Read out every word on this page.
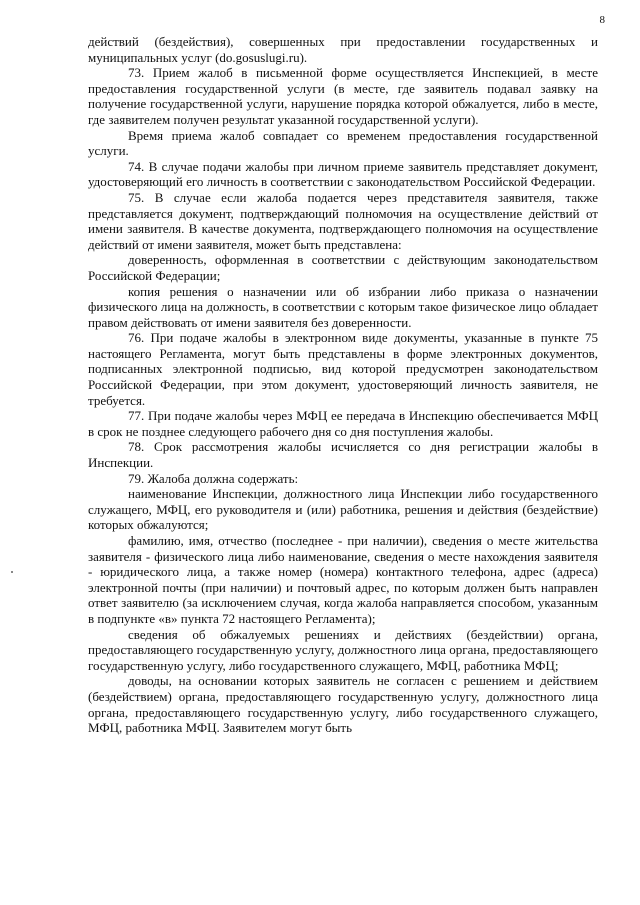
8

действий (бездействия), совершенных при предоставлении государственных и муниципальных услуг (do.gosuslugi.ru).

73. Прием жалоб в письменной форме осуществляется Инспекцией, в месте предоставления государственной услуги (в месте, где заявитель подавал заявку на получение государственной услуги, нарушение порядка которой обжалуется, либо в месте, где заявителем получен результат указанной государственной услуги).

Время приема жалоб совпадает со временем предоставления государственной услуги.

74. В случае подачи жалобы при личном приеме заявитель представляет документ, удостоверяющий его личность в соответствии с законодательством Российской Федерации.

75. В случае если жалоба подается через представителя заявителя, также представляется документ, подтверждающий полномочия на осуществление действий от имени заявителя. В качестве документа, подтверждающего полномочия на осуществление действий от имени заявителя, может быть представлена:

доверенность, оформленная в соответствии с действующим законодательством Российской Федерации;

копия решения о назначении или об избрании либо приказа о назначении физического лица на должность, в соответствии с которым такое физическое лицо обладает правом действовать от имени заявителя без доверенности.

76. При подаче жалобы в электронном виде документы, указанные в пункте 75 настоящего Регламента, могут быть представлены в форме электронных документов, подписанных электронной подписью, вид которой предусмотрен законодательством Российской Федерации, при этом документ, удостоверяющий личность заявителя, не требуется.

77. При подаче жалобы через МФЦ ее передача в Инспекцию обеспечивается МФЦ в срок не позднее следующего рабочего дня со дня поступления жалобы.

78. Срок рассмотрения жалобы исчисляется со дня регистрации жалобы в Инспекции.

79. Жалоба должна содержать:

наименование Инспекции, должностного лица Инспекции либо государственного служащего, МФЦ, его руководителя и (или) работника, решения и действия (бездействие) которых обжалуются;

фамилию, имя, отчество (последнее - при наличии), сведения о месте жительства заявителя - физического лица либо наименование, сведения о месте нахождения заявителя - юридического лица, а также номер (номера) контактного телефона, адрес (адреса) электронной почты (при наличии) и почтовый адрес, по которым должен быть направлен ответ заявителю (за исключением случая, когда жалоба направляется способом, указанным в подпункте «в» пункта 72 настоящего Регламента);

сведения об обжалуемых решениях и действиях (бездействии) органа, предоставляющего государственную услугу, должностного лица органа, предоставляющего государственную услугу, либо государственного служащего, МФЦ, работника МФЦ;

доводы, на основании которых заявитель не согласен с решением и действием (бездействием) органа, предоставляющего государственную услугу, должностного лица органа, предоставляющего государственную услугу, либо государственного служащего, МФЦ, работника МФЦ. Заявителем могут быть
